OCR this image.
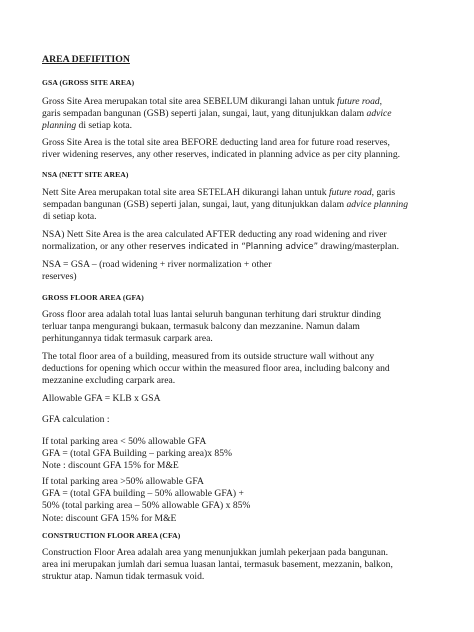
AREA DEFIFITION
GSA (GROSS SITE AREA)
Gross Site Area merupakan total site area SEBELUM dikurangi lahan untuk future road,
garis sempadan bangunan (GSB) seperti jalan, sungai, laut, yang ditunjukkan dalam advice
planning di setiap kota.
Gross Site Area is the total site area BEFORE deducting land area for future road reserves,
river widening reserves, any other reserves, indicated in planning advice as per city planning.
NSA (NETT SITE AREA)
Nett Site Area merupakan total site area SETELAH dikurangi lahan untuk future road, garis
sempadan bangunan (GSB) seperti jalan, sungai, laut, yang ditunjukkan dalam advice planning
di setiap kota.
NSA) Nett Site Area is the area calculated AFTER deducting any road widening and river
normalization, or any other reserves indicated in “Planning advice” drawing/masterplan.
NSA = GSA – (road widening + river normalization + other
reserves)
GROSS FLOOR AREA (GFA)
Gross floor area adalah total luas lantai seluruh bangunan terhitung dari struktur dinding
terluar tanpa mengurangi bukaan, termasuk balcony dan mezzanine. Namun dalam
perhitungannya tidak termasuk carpark area.
The total floor area of a building, measured from its outside structure wall without any
deductions for opening which occur within the measured floor area, including balcony and
mezzanine excluding carpark area.
Allowable GFA = KLB x GSA
GFA calculation :
If total parking area < 50% allowable GFA
GFA = (total GFA Building – parking area)x 85%
Note : discount GFA 15% for M&E
If total parking area >50% allowable GFA
GFA = (total GFA building – 50% allowable GFA) +
50% (total parking area – 50% allowable GFA) x 85%
Note: discount GFA 15% for M&E
CONSTRUCTION FLOOR AREA (CFA)
Construction Floor Area adalah area yang menunjukkan jumlah pekerjaan pada bangunan.
area ini merupakan jumlah dari semua luasan lantai, termasuk basement, mezzanin, balkon,
struktur atap. Namun tidak termasuk void.
